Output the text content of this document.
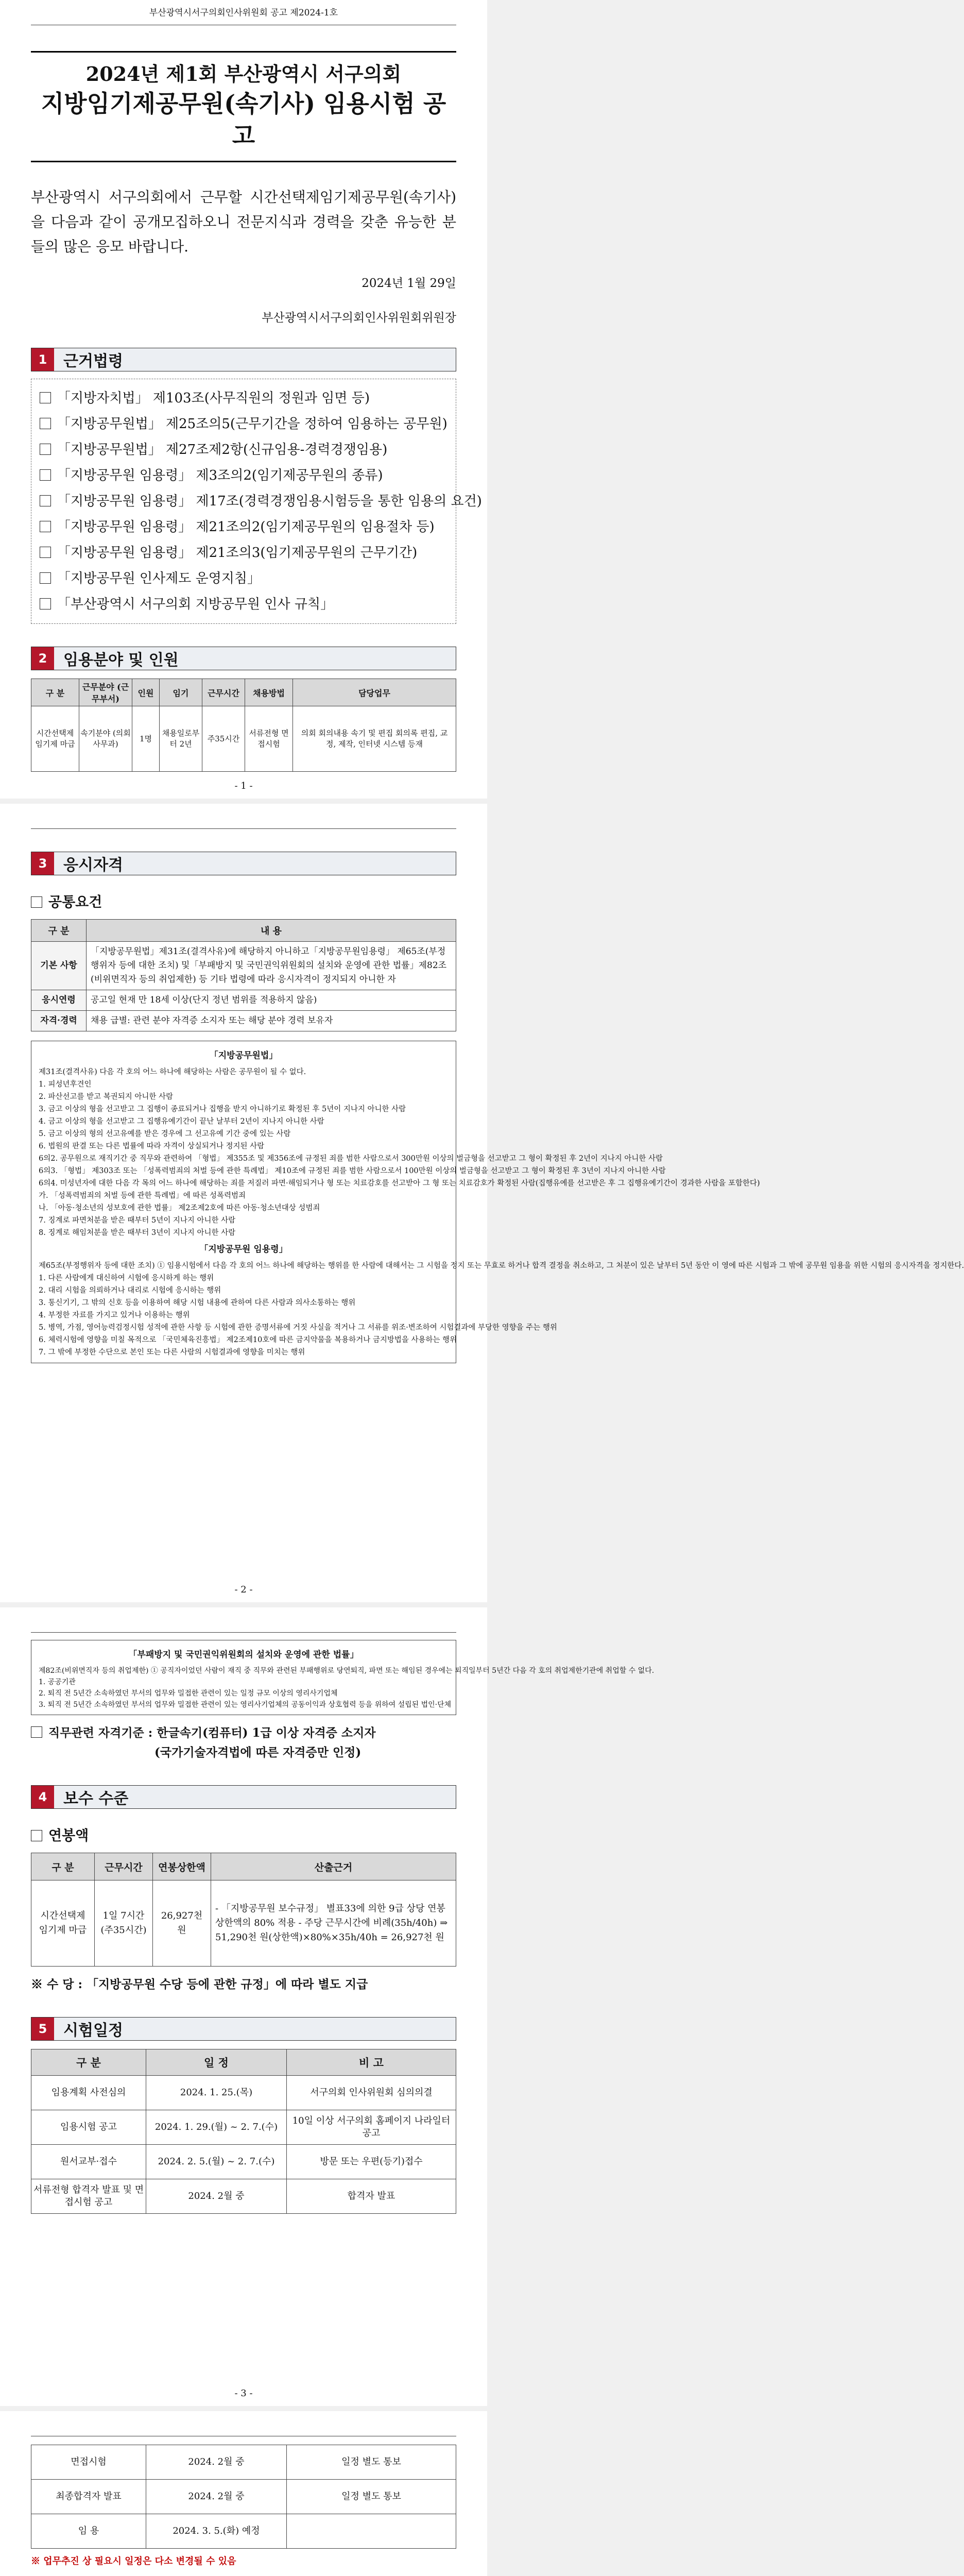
부산광역시서구의회인사위원회 공고 제2024-1호
2024년 제1회 부산광역시 서구의회
지방임기제공무원(속기사) 임용시험 공고
부산광역시 서구의회에서 근무할 시간선택제임기제공무원(속기사)을 다음과 같이 공개모집하오니 전문지식과 경력을 갖춘 유능한 분들의 많은 응모 바랍니다.
2024년 1월 29일
부산광역시서구의회인사위원회위원장
1	근거법령
「지방자치법」 제103조(사무직원의 정원과 임면 등)
「지방공무원법」 제25조의5(근무기간을 정하여 임용하는 공무원)
「지방공무원법」 제27조제2항(신규임용-경력경쟁임용)
「지방공무원 임용령」 제3조의2(임기제공무원의 종류)
「지방공무원 임용령」 제17조(경력경쟁임용시험등을 통한 임용의 요건)
「지방공무원 임용령」 제21조의2(임기제공무원의 임용절차 등)
「지방공무원 임용령」 제21조의3(임기제공무원의 근무기간)
「지방공무원 인사제도 운영지침」
「부산광역시 서구의회 지방공무원 인사 규칙」
2	임용분야 및 인원
구 분	근무분야 (근무부서)	인원	임기	근무시간	채용방법	담당업무
시간선택제 임기제 마급	속기분야 (의회사무과)	1명	채용일로부터 2년	주35시간	서류전형 면접시험	의회 회의내용 속기 및 편집 회의록 편집, 교정, 제작, 인터넷 시스템 등재
- 1 -
3	응시자격
공통요건
구 분	내 용
기본 사항	「지방공무원법」제31조(결격사유)에 해당하지 아니하고「지방공무원임용령」 제65조(부정행위자 등에 대한 조치) 및「부패방지 및 국민권익위원회의 설치와 운영에 관한 법률」제82조(비위면직자 등의 취업제한) 등 기타 법령에 따라 응시자격이 정지되지 아니한 자
응시연령	공고일 현재 만 18세 이상(단지 정년 범위를 적용하지 않음)
자격·경력	채용 급별: 관련 분야 자격증 소지자 또는 해당 분야 경력 보유자
「지방공무원법」
제31조(결격사유) 다음 각 호의 어느 하나에 해당하는 사람은 공무원이 될 수 없다.
1. 피성년후견인
2. 파산선고를 받고 복권되지 아니한 사람
3. 금고 이상의 형을 선고받고 그 집행이 종료되거나 집행을 받지 아니하기로 확정된 후 5년이 지나지 아니한 사람
4. 금고 이상의 형을 선고받고 그 집행유예기간이 끝난 날부터 2년이 지나지 아니한 사람
5. 금고 이상의 형의 선고유예를 받은 경우에 그 선고유예 기간 중에 있는 사람
6. 법원의 판결 또는 다른 법률에 따라 자격이 상실되거나 정지된 사람
6의2. 공무원으로 재직기간 중 직무와 관련하여 「형법」 제355조 및 제356조에 규정된 죄를 범한 사람으로서 300만원 이상의 벌금형을 선고받고 그 형이 확정된 후 2년이 지나지 아니한 사람
6의3. 「형법」 제303조 또는 「성폭력범죄의 처벌 등에 관한 특례법」 제10조에 규정된 죄를 범한 사람으로서 100만원 이상의 벌금형을 선고받고 그 형이 확정된 후 3년이 지나지 아니한 사람
6의4. 미성년자에 대한 다음 각 목의 어느 하나에 해당하는 죄를 저질러 파면·해임되거나 형 또는 치료감호를 선고받아 그 형 또는 치료감호가 확정된 사람(집행유예를 선고받은 후 그 집행유예기간이 경과한 사람을 포함한다)
가. 「성폭력범죄의 처벌 등에 관한 특례법」에 따른 성폭력범죄
나. 「아동·청소년의 성보호에 관한 법률」 제2조제2호에 따른 아동·청소년대상 성범죄
7. 징계로 파면처분을 받은 때부터 5년이 지나지 아니한 사람
8. 징계로 해임처분을 받은 때부터 3년이 지나지 아니한 사람
「지방공무원 임용령」
제65조(부정행위자 등에 대한 조치) ① 임용시험에서 다음 각 호의 어느 하나에 해당하는 행위를 한 사람에 대해서는 그 시험을 정지 또는 무효로 하거나 합격 결정을 취소하고, 그 처분이 있은 날부터 5년 동안 이 영에 따른 시험과 그 밖에 공무원 임용을 위한 시험의 응시자격을 정지한다.
1. 다른 사람에게 대신하여 시험에 응시하게 하는 행위
2. 대리 시험을 의뢰하거나 대리로 시험에 응시하는 행위
3. 통신기기, 그 밖의 신호 등을 이용하여 해당 시험 내용에 관하여 다른 사람과 의사소통하는 행위
4. 부정한 자료를 가지고 있거나 이용하는 행위
5. 병역, 가점, 영어능력검정시험 성적에 관한 사항 등 시험에 관한 증명서류에 거짓 사실을 적거나 그 서류를 위조·변조하여 시험결과에 부당한 영향을 주는 행위
6. 체력시험에 영향을 미칠 목적으로 「국민체육진흥법」 제2조제10호에 따른 금지약물을 복용하거나 금지방법을 사용하는 행위
7. 그 밖에 부정한 수단으로 본인 또는 다른 사람의 시험결과에 영향을 미치는 행위
- 2 -
「부패방지 및 국민권익위원회의 설치와 운영에 관한 법률」
제82조(비위면직자 등의 취업제한) ① 공직자이었던 사람이 재직 중 직무와 관련된 부패행위로 당연퇴직, 파면 또는 해임된 경우에는 퇴직일부터 5년간 다음 각 호의 취업제한기관에 취업할 수 없다.
1. 공공기관
2. 퇴직 전 5년간 소속하였던 부서의 업무와 밀접한 관련이 있는 일정 규모 이상의 영리사기업체
3. 퇴직 전 5년간 소속하였던 부서의 업무와 밀접한 관련이 있는 영리사기업체의 공동이익과 상호협력 등을 위하여 설립된 법인·단체
직무관련 자격기준 : 한글속기(컴퓨터) 1급 이상 자격증 소지자
(국가기술자격법에 따른 자격증만 인정)
4	보수 수준
연봉액
구 분	근무시간	연봉상한액	산출근거
시간선택제 임기제 마급	1일 7시간 (주35시간)	26,927천 원	- 「지방공무원 보수규정」 별표33에 의한 9급 상당 연봉 상한액의 80% 적용 - 주당 근무시간에 비례(35h/40h) ⇒ 51,290천 원(상한액)×80%×35h/40h = 26,927천 원
※ 수 당 : 「지방공무원 수당 등에 관한 규정」에 따라 별도 지급
5	시험일정
구 분	일 정	비 고
임용계획 사전심의	2024. 1. 25.(목)	서구의회 인사위원회 심의의결
임용시험 공고	2024. 1. 29.(월) ~ 2. 7.(수)	10일 이상 서구의회 홈페이지 나라일터 공고
원서교부·접수	2024. 2. 5.(월) ~ 2. 7.(수)	방문 또는 우편(등기)접수
서류전형 합격자 발표 및 면접시험 공고	2024. 2월 중	합격자 발표
- 3 -
면접시험	2024. 2월 중	일정 별도 통보
최종합격자 발표	2024. 2월 중	일정 별도 통보
임 용	2024. 3. 5.(화) 예정	
※ 업무추진 상 필요시 일정은 다소 변경될 수 있음
